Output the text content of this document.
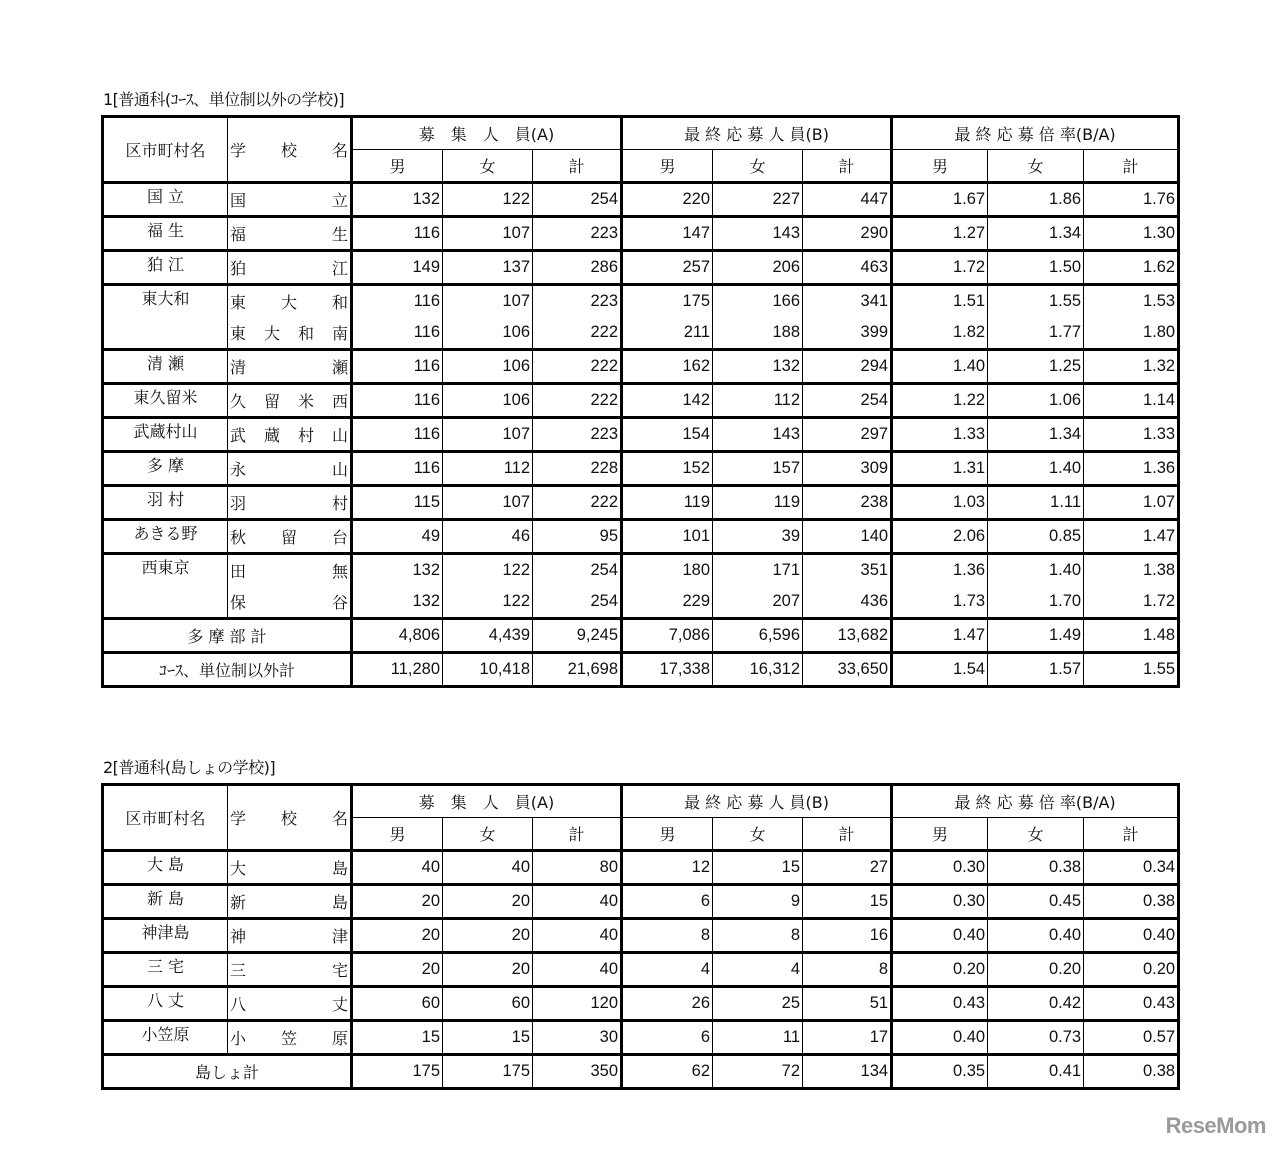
1[普通科(ｺｰｽ、単位制以外の学校)]
区市町村名	学校名	募　集　人　員(A)			最 終 応 募 人 員(B)			最 終 応 募 倍 率(B/A)		
		男	女	計	男	女	計	男	女	計
国 立	国立	132	122	254	220	227	447	1.67	1.86	1.76
福 生	福生	116	107	223	147	143	290	1.27	1.34	1.30
狛 江	狛江	149	137	286	257	206	463	1.72	1.50	1.62
東大和	東大和	116	107	223	175	166	341	1.51	1.55	1.53

	東大和南	116	106	222	211	188	399	1.82	1.77	1.80
清 瀬	清瀬	116	106	222	162	132	294	1.40	1.25	1.32
東久留米	久留米西	116	106	222	142	112	254	1.22	1.06	1.14
武蔵村山	武蔵村山	116	107	223	154	143	297	1.33	1.34	1.33
多 摩	永山	116	112	228	152	157	309	1.31	1.40	1.36
羽 村	羽村	115	107	222	119	119	238	1.03	1.11	1.07
あきる野	秋留台	49	46	95	101	39	140	2.06	0.85	1.47
西東京	田無	132	122	254	180	171	351	1.36	1.40	1.38

	保谷	132	122	254	229	207	436	1.73	1.70	1.72
多 摩 部 計		4,806	4,439	9,245	7,086	6,596	13,682	1.47	1.49	1.48
ｺｰｽ、単位制以外計		11,280	10,418	21,698	17,338	16,312	33,650	1.54	1.57	1.55
2[普通科(島しょの学校)]
区市町村名	学校名	募　集　人　員(A)			最 終 応 募 人 員(B)			最 終 応 募 倍 率(B/A)		
		男	女	計	男	女	計	男	女	計
大 島	大島	40	40	80	12	15	27	0.30	0.38	0.34
新 島	新島	20	20	40	6	9	15	0.30	0.45	0.38
神津島	神津	20	20	40	8	8	16	0.40	0.40	0.40
三 宅	三宅	20	20	40	4	4	8	0.20	0.20	0.20
八 丈	八丈	60	60	120	26	25	51	0.43	0.42	0.43
小笠原	小笠原	15	15	30	6	11	17	0.40	0.73	0.57
島しょ計		175	175	350	62	72	134	0.35	0.41	0.38
ReseMom
